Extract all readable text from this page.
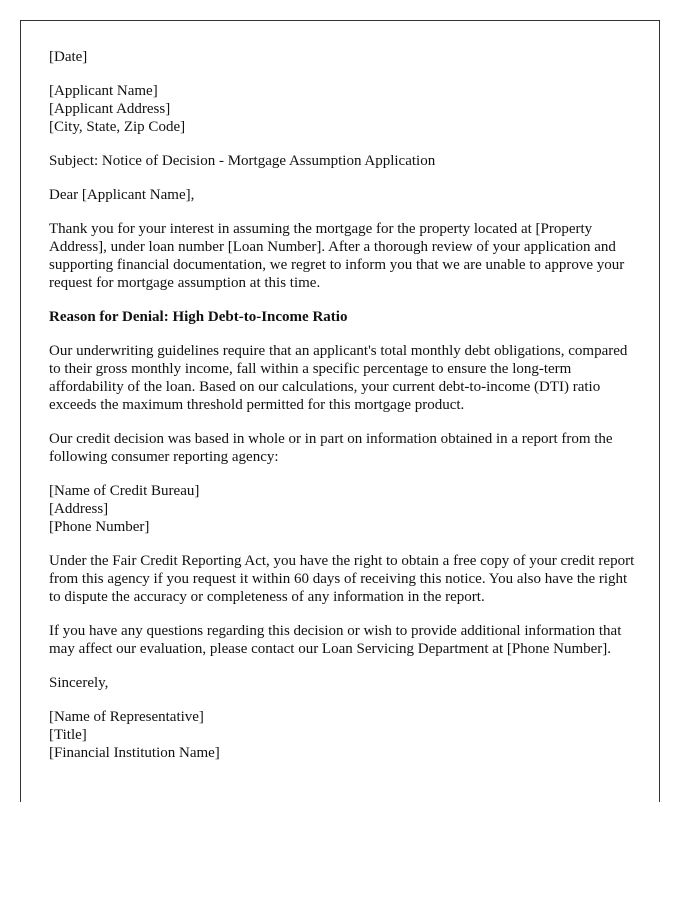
[Date]

[Applicant Name]
[Applicant Address]
[City, State, Zip Code]

Subject: Notice of Decision - Mortgage Assumption Application

Dear [Applicant Name],

Thank you for your interest in assuming the mortgage for the property located at [Property Address], under loan number [Loan Number]. After a thorough review of your application and supporting financial documentation, we regret to inform you that we are unable to approve your request for mortgage assumption at this time.

Reason for Denial: High Debt-to-Income Ratio

Our underwriting guidelines require that an applicant's total monthly debt obligations, compared to their gross monthly income, fall within a specific percentage to ensure the long-term affordability of the loan. Based on our calculations, your current debt-to-income (DTI) ratio exceeds the maximum threshold permitted for this mortgage product.

Our credit decision was based in whole or in part on information obtained in a report from the following consumer reporting agency:

[Name of Credit Bureau]
[Address]
[Phone Number]

Under the Fair Credit Reporting Act, you have the right to obtain a free copy of your credit report from this agency if you request it within 60 days of receiving this notice. You also have the right to dispute the accuracy or completeness of any information in the report.

If you have any questions regarding this decision or wish to provide additional information that may affect our evaluation, please contact our Loan Servicing Department at [Phone Number].

Sincerely,

[Name of Representative]
[Title]
[Financial Institution Name]
